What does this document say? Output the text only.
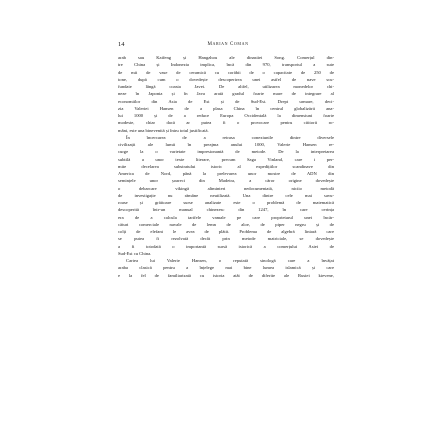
14	Marian Coman
arab sau Kaifeng și Hangzhou ale dinastiei Song. Comerțul din-
tre China și Indonezia implica, încă din 970, transportul a sute
de mii de vase de ceramică cu corăbii de o capacitate de 250 de
tone, după cum o dovedește descoperirea unei astfel de nave scu-
fundate lângă coasta Javei. De altfel, utilizarea monedelor chi-
neze în Japonia și în Java arată gradul foarte mare de integrare al
economiilor din Asia de Est și de Sud-Est. Drept urmare, deci-
zia Valeriei Hansen de a plasa China în centrul globalizării ana-
lui 1000 și de a reduce Europa Occidentală la dimensiuni foarte
modeste, chiar dacă ar putea fi o provocare pentru cititorii ro-
mâni, este una binevenită și întru totul justificată.
În încercarea de a retrasa conexiunile dintre diversele
civilizații ale lumii în preajma anului 1000, Valerie Hansen re-
curge la o varietate impresionantă de metode. De la interpretarea
subtilă a unor texte literare, precum Saga Vinland, care i per-
mite decelarea substratului istoric al expedițiilor scandinave din
America de Nord, până la prelevarea unor mostre de ADN din
semințele unor șoareci din Madeira, a căror origine dovedește
o debarcare vikingă altminteri nedocumentată, niciio metodă
de investigație nu rămâne neutilizată. Una dintre cele mai savu-
roase și grăitoare surse analizate este o problemă de matematică
descoperită într-un manual chinezesc din 1247, în care cerința
era de a calcula tarifele vamale pe care proprietarul unei încăr-
cături comerciale navale de lemn de aloe, de piper negru și de
colți de elefant le avea de plătit. Problema de algebră liniară care
se putea fi rezolvată decât prin metode matriciale, se dovedește
a fi totodată o importantă sursă istorică a comerțului Asiei de
Sud-Est cu China.
Cartea lui Valerie Hansen, o reputată sinologă care a învățat
araba clasică pentru a înțelege mai bine lumea islamică și care
e la fel de familiarizată cu istoria atât de diferite ale Rusiei kievene,
